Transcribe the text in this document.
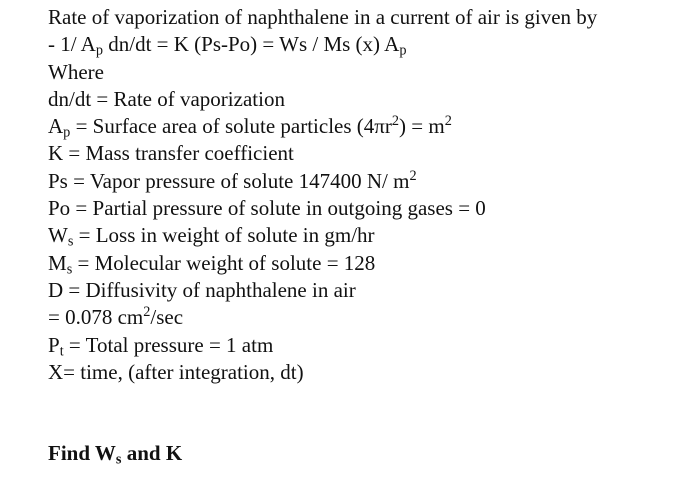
Rate of vaporization of naphthalene in a current of air is given by
- 1/ $A_p$ dn/dt = K (Ps-Po) = Ws / Ms (x) $A_p$
Where
dn/dt = Rate of vaporization
$A_p$ = Surface area of solute particles $(4\pi r^2) = m^2$
K = Mass transfer coefficient
Ps = Vapor pressure of solute 147400 N/ $m^2$
Po = Partial pressure of solute in outgoing gases = 0
$W_s$ = Loss in weight of solute in gm/hr
$M_s$ = Molecular weight of solute = 128
D = Diffusivity of naphthalene in air
= 0.078 $cm^2/\sec$
$P_t$ = Total pressure = 1 atm
X= time, (after integration, dt)
Find $W_s$ and K
